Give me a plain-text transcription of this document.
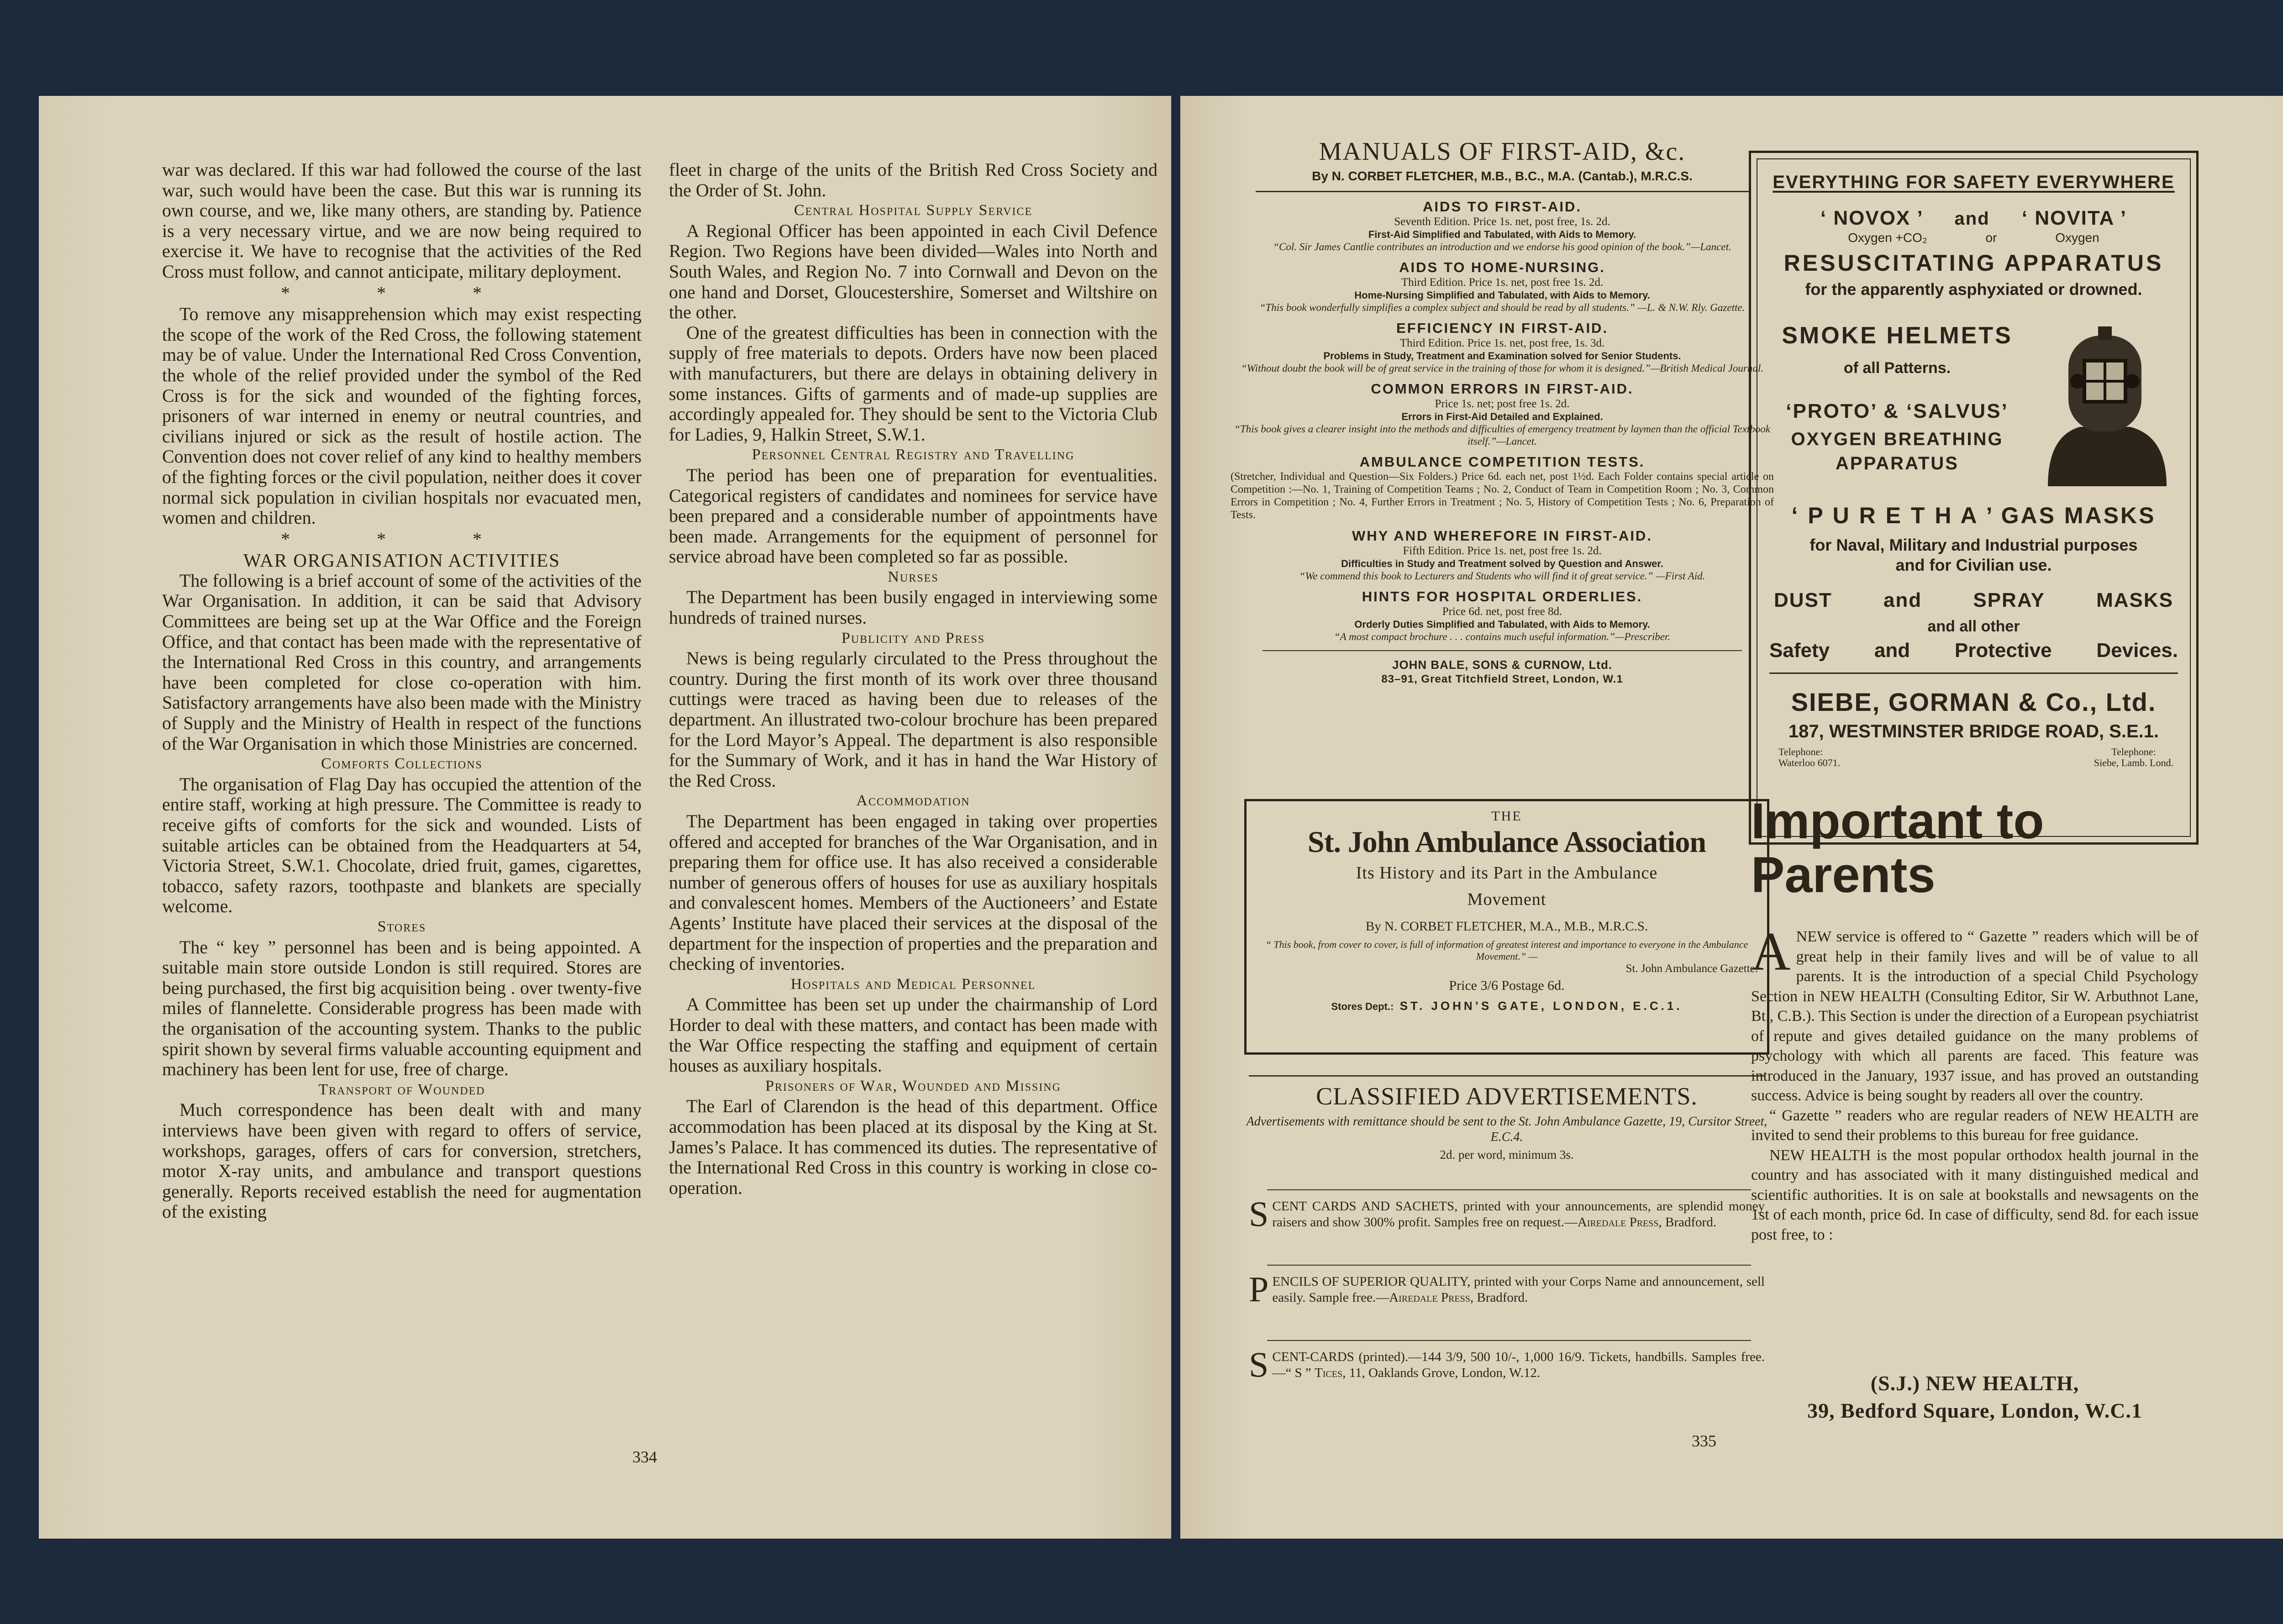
war was declared. If this war had followed the course of the last war, such would have been the case. But this war is running its own course, and we, like many others, are standing by. Patience is a very necessary virtue, and we are now being required to exercise it. We have to recognise that the activities of the Red Cross must follow, and cannot anticipate, military deployment.

* * *

To remove any misapprehension which may exist respecting the scope of the work of the Red Cross, the following statement may be of value. Under the International Red Cross Convention, the whole of the relief provided under the symbol of the Red Cross is for the sick and wounded of the fighting forces, prisoners of war interned in enemy or neutral countries, and civilians injured or sick as the result of hostile action. The Convention does not cover relief of any kind to healthy members of the fighting forces or the civil population, neither does it cover normal sick population in civilian hospitals nor evacuated men, women and children.

* * *
WAR ORGANISATION ACTIVITIES

The following is a brief account of some of the activities of the War Organisation. In addition, it can be said that Advisory Committees are being set up at the War Office and the Foreign Office, and that contact has been made with the representative of the International Red Cross in this country, and arrangements have been completed for close co-operation with him. Satisfactory arrangements have also been made with the Ministry of Supply and the Ministry of Health in respect of the functions of the War Organisation in which those Ministries are concerned.

Comforts Collections

The organisation of Flag Day has occupied the attention of the entire staff, working at high pressure. The Committee is ready to receive gifts of comforts for the sick and wounded. Lists of suitable articles can be obtained from the Headquarters at 54, Victoria Street, S.W.1. Chocolate, dried fruit, games, cigarettes, tobacco, safety razors, toothpaste and blankets are specially welcome.

Stores

The “ key ” personnel has been and is being appointed. A suitable main store outside London is still required. Stores are being purchased, the first big acquisition being . over twenty-five miles of flannelette. Considerable progress has been made with the organisation of the accounting system. Thanks to the public spirit shown by several firms valuable accounting equipment and machinery has been lent for use, free of charge.

Transport of Wounded

Much correspondence has been dealt with and many interviews have been given with regard to offers of service, workshops, garages, offers of cars for conversion, stretchers, motor X-ray units, and ambulance and transport questions generally. Reports received establish the need for augmentation of the existing

fleet in charge of the units of the British Red Cross Society and the Order of St. John.

Central Hospital Supply Service

A Regional Officer has been appointed in each Civil Defence Region. Two Regions have been divided—Wales into North and South Wales, and Region No. 7 into Cornwall and Devon on the one hand and Dorset, Gloucestershire, Somerset and Wiltshire on the other.

One of the greatest difficulties has been in connection with the supply of free materials to depots. Orders have now been placed with manufacturers, but there are delays in obtaining delivery in some instances. Gifts of garments and of made-up supplies are accordingly appealed for. They should be sent to the Victoria Club for Ladies, 9, Halkin Street, S.W.1.

Personnel Central Registry and Travelling

The period has been one of preparation for eventualities. Categorical registers of candidates and nominees for service have been prepared and a considerable number of appointments have been made. Arrangements for the equipment of personnel for service abroad have been completed so far as possible.

Nurses

The Department has been busily engaged in interviewing some hundreds of trained nurses.

Publicity and Press

News is being regularly circulated to the Press throughout the country. During the first month of its work over three thousand cuttings were traced as having been due to releases of the department. An illustrated two-colour brochure has been prepared for the Lord Mayor’s Appeal. The department is also responsible for the Summary of Work, and it has in hand the War History of the Red Cross.

Accommodation

The Department has been engaged in taking over properties offered and accepted for branches of the War Organisation, and in preparing them for office use. It has also received a considerable number of generous offers of houses for use as auxiliary hospitals and convalescent homes. Members of the Auctioneers’ and Estate Agents’ Institute have placed their services at the disposal of the department for the inspection of properties and the preparation and checking of inventories.

Hospitals and Medical Personnel

A Committee has been set up under the chairmanship of Lord Horder to deal with these matters, and contact has been made with the War Office respecting the staffing and equipment of certain houses as auxiliary hospitals.

Prisoners of War, Wounded and Missing

The Earl of Clarendon is the head of this department. Office accommodation has been placed at its disposal by the King at St. James’s Palace. It has commenced its duties. The representative of the International Red Cross in this country is working in close co-operation.

334
MANUALS OF FIRST-AID, &c.
By N. CORBET FLETCHER, M.B., B.C., M.A. (Cantab.), M.R.C.S.
AIDS TO FIRST-AID.
Seventh Edition. Price 1s. net, post free, 1s. 2d.
First-Aid Simplified and Tabulated, with Aids to Memory.
“Col. Sir James Cantlie contributes an introduction and we endorse his good opinion of the book.”—Lancet.
AIDS TO HOME-NURSING.
Third Edition. Price 1s. net, post free 1s. 2d.
Home-Nursing Simplified and Tabulated, with Aids to Memory.
“This book wonderfully simplifies a complex subject and should be read by all students.” —L. & N.W. Rly. Gazette.
EFFICIENCY IN FIRST-AID.
Third Edition. Price 1s. net, post free, 1s. 3d.
Problems in Study, Treatment and Examination solved for Senior Students.
“Without doubt the book will be of great service in the training of those for whom it is designed.”—British Medical Journal.
COMMON ERRORS IN FIRST-AID.
Price 1s. net; post free 1s. 2d.
Errors in First-Aid Detailed and Explained.
“This book gives a clearer insight into the methods and difficulties of emergency treatment by laymen than the official Textbook itself.”—Lancet.
AMBULANCE COMPETITION TESTS.
(Stretcher, Individual and Question—Six Folders.) Price 6d. each net, post 1½d. Each Folder contains special article on Competition :—No. 1, Training of Competition Teams ; No. 2, Conduct of Team in Competition Room ; No. 3, Common Errors in Competition ; No. 4, Further Errors in Treatment ; No. 5, History of Competition Tests ; No. 6, Preparation of Tests.
WHY AND WHEREFORE IN FIRST-AID.
Fifth Edition. Price 1s. net, post free 1s. 2d.
Difficulties in Study and Treatment solved by Question and Answer.
“We commend this book to Lecturers and Students who will find it of great service.” —First Aid.
HINTS FOR HOSPITAL ORDERLIES.
Price 6d. net, post free 8d.
Orderly Duties Simplified and Tabulated, with Aids to Memory.
“A most compact brochure . . . contains much useful information.”—Prescriber.
JOHN BALE, SONS & CURNOW, Ltd.
83–91, Great Titchfield Street, London, W.1
THE
St. John Ambulance Association
Its History and its Part in the Ambulance
Movement
By N. CORBET FLETCHER, M.A., M.B., M.R.C.S.
“ This book, from cover to cover, is full of information of greatest interest and importance to everyone in the Ambulance Movement.” —
St. John Ambulance Gazette.
Price 3/6 Postage 6d.
Stores Dept.: ST. JOHN’S GATE, LONDON, E.C.1.
CLASSIFIED ADVERTISEMENTS.
Advertisements with remittance should be sent to the St. John Ambulance Gazette, 19, Cursitor Street, E.C.4.
2d. per word, minimum 3s.
SCENT CARDS AND SACHETS, printed with your announcements, are splendid money raisers and show 300% profit. Samples free on request.—Airedale Press, Bradford.
PENCILS OF SUPERIOR QUALITY, printed with your Corps Name and announcement, sell easily. Sample free.—Airedale Press, Bradford.
SCENT-CARDS (printed).—144 3/9, 500 10/-, 1,000 16/9. Tickets, handbills. Samples free.—“ S ” Tices, 11, Oaklands Grove, London, W.12.
EVERYTHING FOR SAFETY EVERYWHERE
‘ NOVOX ’ and ‘ NOVITA ’
Oxygen +CO₂	or	Oxygen
RESUSCITATING APPARATUS
for the apparently asphyxiated or drowned.
SMOKE HELMETS
of all Patterns.
‘PROTO’ & ‘SALVUS’
OXYGEN BREATHING
APPARATUS
‘ P U R E T H A ’ GAS MASKS
for Naval, Military and Industrial purposes
and for Civilian use.
DUST	and	SPRAY	MASKS
and all other
Safety and Protective Devices.
SIEBE, GORMAN & Co., Ltd.
187, WESTMINSTER BRIDGE ROAD, S.E.1.
Telephone:
Waterloo 6071.
Telephone:
Siebe, Lamb. Lond.
Important to
Parents

ANEW service is offered to “ Gazette ” readers which will be of great help in their family lives and will be of value to all parents. It is the introduction of a special Child Psychology Section in NEW HEALTH (Consulting Editor, Sir W. Arbuthnot Lane, Bt., C.B.). This Section is under the direction of a European psychiatrist of repute and gives detailed guidance on the many problems of psychology with which all parents are faced. This feature was introduced in the January, 1937 issue, and has proved an outstanding success. Advice is being sought by readers all over the country.

“ Gazette ” readers who are regular readers of NEW HEALTH are invited to send their problems to this bureau for free guidance.

NEW HEALTH is the most popular orthodox health journal in the country and has associated with it many distinguished medical and scientific authorities. It is on sale at bookstalls and newsagents on the 1st of each month, price 6d. In case of difficulty, send 8d. for each issue post free, to :

(S.J.) NEW HEALTH,
39, Bedford Square, London, W.C.1
335
